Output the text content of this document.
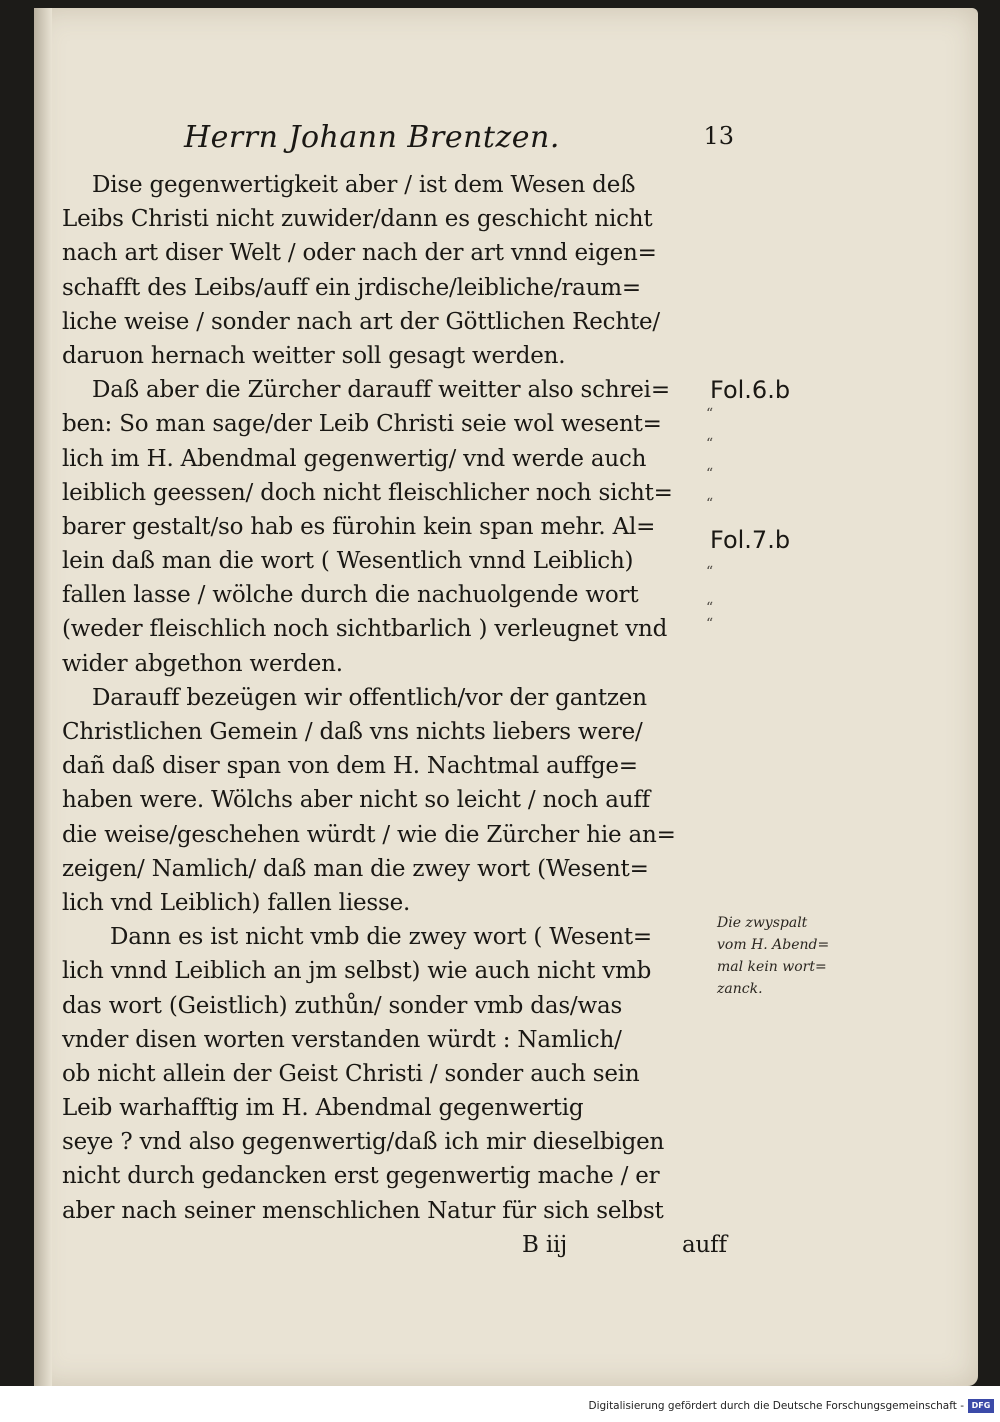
Herrn Johann Brentzen.	13
Dise gegenwertigkeit aber / ist dem Wesen deß
Leibs Christi nicht zuwider/dann es geschicht nicht
nach art diser Welt / oder nach der art vnnd eigen=
schafft des Leibs/auff ein jrdische/leibliche/raum=
liche weise / sonder nach art der Göttlichen Rechte/
daruon hernach weitter soll gesagt werden.
Daß aber die Zürcher darauff weitter also schrei=
ben: So man sage/der Leib Christi seie wol wesent=
lich im H. Abendmal gegenwertig/ vnd werde auch
leiblich geessen/ doch nicht fleischlicher noch sicht=
barer gestalt/so hab es fürohin kein span mehr. Al=
lein daß man die wort ( Wesentlich vnnd Leiblich)
fallen lasse / wölche durch die nachuolgende wort
(weder fleischlich noch sichtbarlich ) verleugnet vnd
wider abgethon werden.
Darauff bezeügen wir offentlich/vor der gantzen
Christlichen Gemein / daß vns nichts liebers were/
dañ daß diser span von dem H. Nachtmal auffge=
haben were. Wölchs aber nicht so leicht / noch auff
die weise/geschehen würdt / wie die Zürcher hie an=
zeigen/ Namlich/ daß man die zwey wort (Wesent=
lich vnd Leiblich) fallen liesse.
Dann es ist nicht vmb die zwey wort ( Wesent=
lich vnnd Leiblich an jm selbst) wie auch nicht vmb
das wort (Geistlich) zuthůn/ sonder vmb das/was
vnder disen worten verstanden würdt : Namlich/
ob nicht allein der Geist Christi / sonder auch sein
Leib warhafftig im H. Abendmal gegenwertig
seye ? vnd also gegenwertig/daß ich mir dieselbigen
nicht durch gedancken erst gegenwertig mache / er
aber nach seiner menschlichen Natur für sich selbst
B iij	auff
Fol.6.b
Fol.7.b
“
“
“
“
“
“
“
Die zwyspalt
vom H. Abend=
mal kein wort=
zanck.
Digitalisierung gefördert durch die Deutsche Forschungsgemeinschaft - DFG
